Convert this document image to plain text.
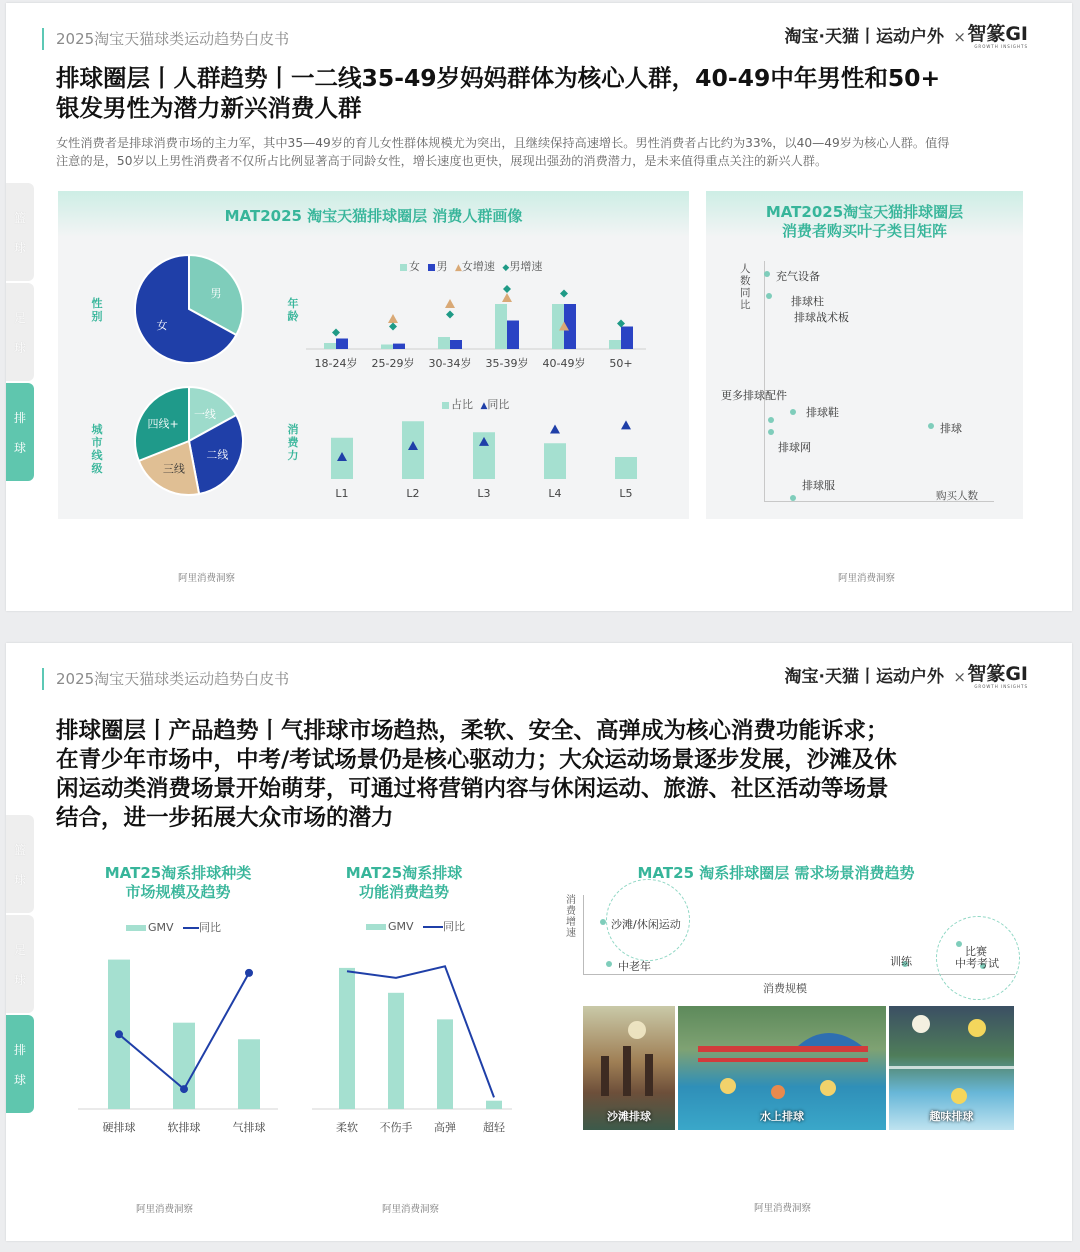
2025淘宝天猫球类运动趋势白皮书	淘宝·天猫丨运动户外 × 智篆GI
GROWTH INSIGHTS
排球圈层丨人群趋势丨一二线35-49岁妈妈群体为核心人群，40-49中年男性和50+
银发男性为潜力新兴消费人群
女性消费者是排球消费市场的主力军，其中35—49岁的育儿女性群体规模尤为突出，且继续保持高速增长。男性消费者占比约为33%，以40—49岁为核心人群。值得
注意的是，50岁以上男性消费者不仅所占比例显著高于同龄女性，增长速度也更快，展现出强劲的消费潜力，是未来值得重点关注的新兴人群。
篮
球
足
球
排
球
MAT2025 淘宝天猫排球圈层 消费人群画像
性别
城市线级
年龄
消费力
男
女
一线
二线
三线
四线+
女 男 ▲女增速 ◆男增速
18-24岁 25-29岁 30-34岁 35-39岁 40-49岁 50+
占比 ▲同比
L1	L2	L3	L4	L5
MAT2025淘宝天猫排球圈层
消费者购买叶子类目矩阵
人数同比
购买人数
充气设备
排球柱
排球战术板
更多排球配件
排球鞋
排球
排球网
排球服
阿里消费洞察	阿里消费洞察
2025淘宝天猫球类运动趋势白皮书	淘宝·天猫丨运动户外 × 智篆GI
GROWTH INSIGHTS
排球圈层丨产品趋势丨气排球市场趋热，柔软、安全、高弹成为核心消费功能诉求；
在青少年市场中，中考/考试场景仍是核心驱动力；大众运动场景逐步发展，沙滩及休
闲运动类消费场景开始萌芽，可通过将营销内容与休闲运动、旅游、社区活动等场景
结合，进一步拓展大众市场的潜力
篮
球
足
球
排
球
MAT25淘系排球种类
市场规模及趋势
GMV 同比
硬排球	软排球	气排球
MAT25淘系排球
功能消费趋势
GMV	同比
柔软 不伤手 高弹 超轻
MAT25 淘系排球圈层 需求场景消费趋势
消费增速
消费规模
沙滩/休闲运动
中老年	训练
比赛
中考考试
沙滩排球	水上排球	趣味排球
阿里消费洞察	阿里消费洞察	阿里消费洞察
